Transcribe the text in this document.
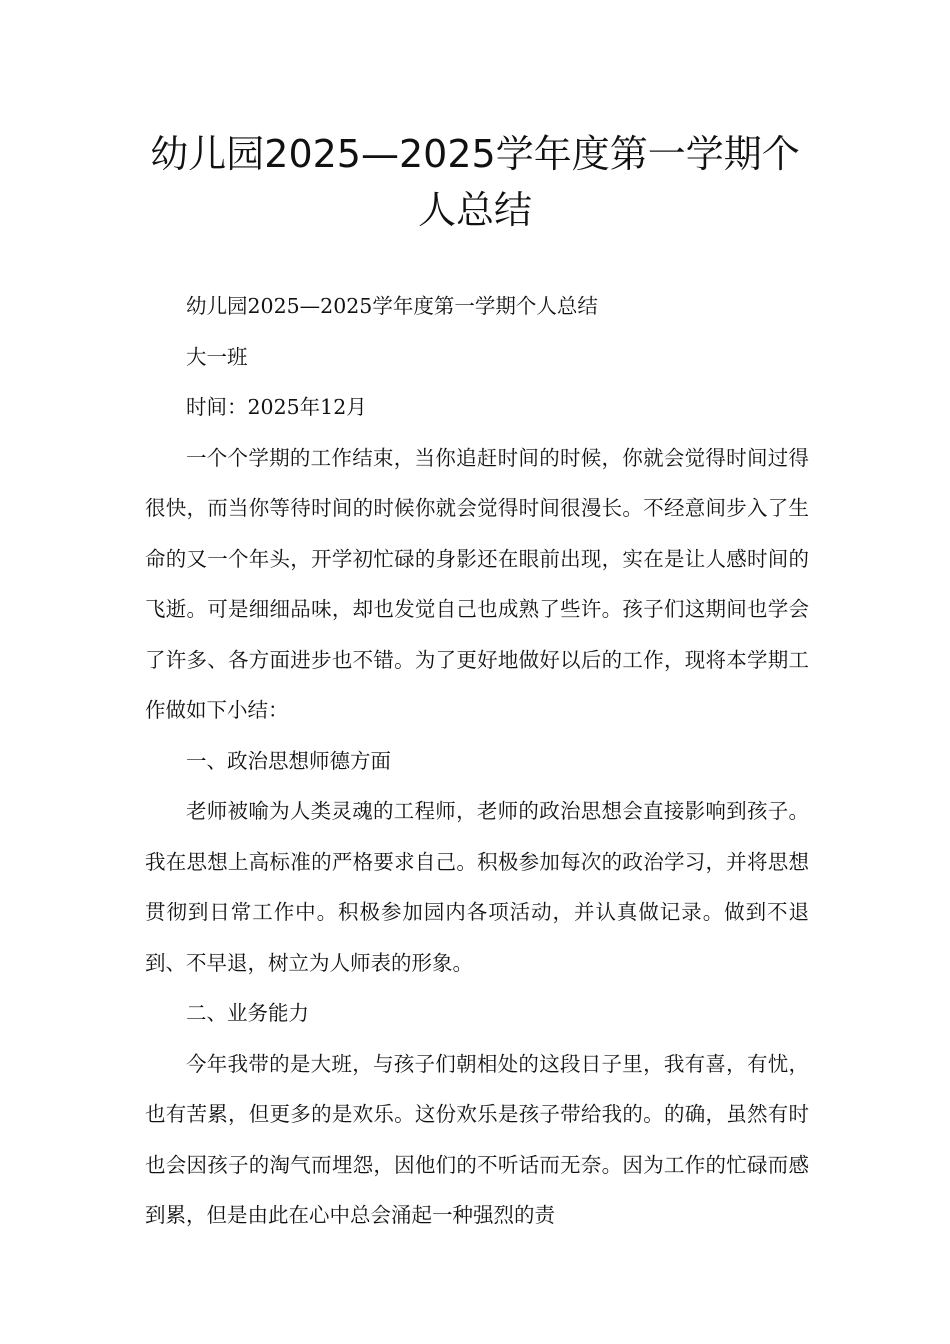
幼儿园2025—2025学年度第一学期个人总结

幼儿园2025—2025学年度第一学期个人总结

大一班

时间：2025年12月

一个个学期的工作结束，当你追赶时间的时候，你就会觉得时间过得很快，而当你等待时间的时候你就会觉得时间很漫长。不经意间步入了生命的又一个年头，开学初忙碌的身影还在眼前出现，实在是让人感时间的飞逝。可是细细品味，却也发觉自己也成熟了些许。孩子们这期间也学会了许多、各方面进步也不错。为了更好地做好以后的工作，现将本学期工作做如下小结：

一、政治思想师德方面

老师被喻为人类灵魂的工程师，老师的政治思想会直接影响到孩子。我在思想上高标准的严格要求自己。积极参加每次的政治学习，并将思想贯彻到日常工作中。积极参加园内各项活动，并认真做记录。做到不退到、不早退，树立为人师表的形象。

二、业务能力

今年我带的是大班，与孩子们朝相处的这段日子里，我有喜，有忧，也有苦累，但更多的是欢乐。这份欢乐是孩子带给我的。的确，虽然有时也会因孩子的淘气而埋怨，因他们的不听话而无奈。因为工作的忙碌而感到累，但是由此在心中总会涌起一种强烈的责
